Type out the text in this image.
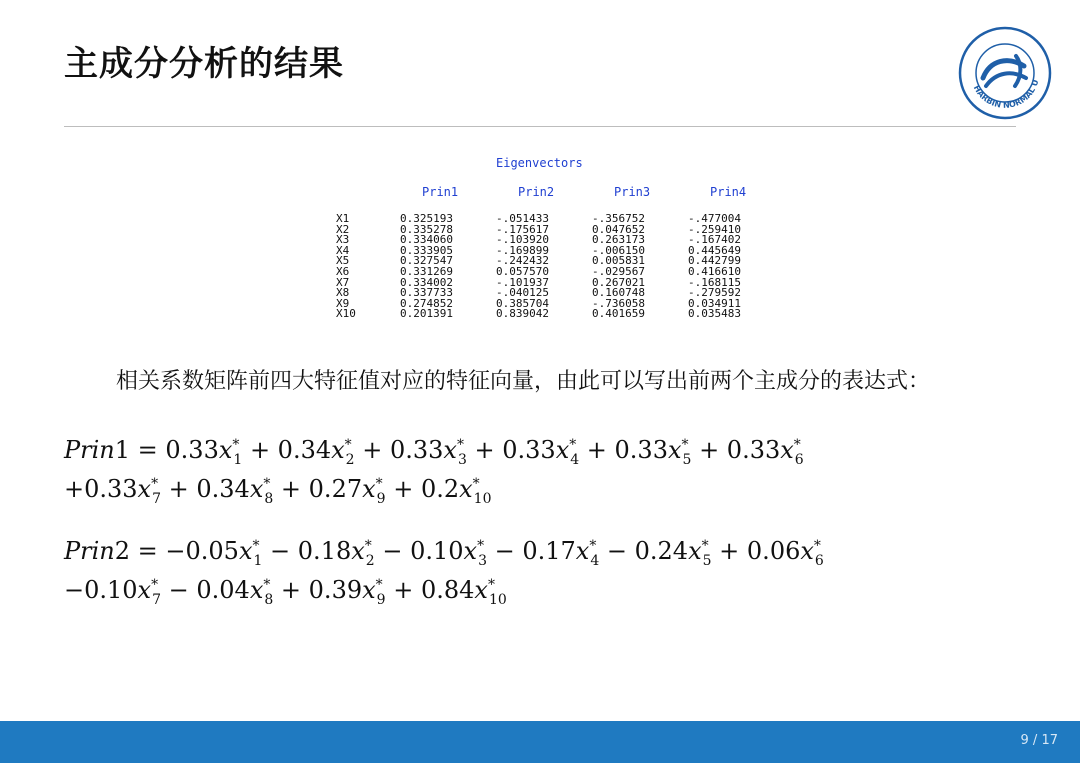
主成分分析的结果
HARBIN NORMAL U
Eigenvectors
Prin1	Prin2	Prin3	Prin4
X1	0.325193	-.051433	-.356752	-.477004
X2	0.335278	-.175617	0.047652	-.259410
X3	0.334060	-.103920	0.263173	-.167402
X4	0.333905	-.169899	-.006150	0.445649
X5	0.327547	-.242432	0.005831	0.442799
X6	0.331269	0.057570	-.029567	0.416610
X7	0.334002	-.101937	0.267021	-.168115
X8	0.337733	-.040125	0.160748	-.279592
X9	0.274852	0.385704	-.736058	0.034911
X10	0.201391	0.839042	0.401659	0.035483
相关系数矩阵前四大特征值对应的特征向量，由此可以写出前两个主成分的表达式：
Prin1 = $0.33x^*_1 + 0.34x^*_2 + 0.33x^*_3 + 0.33x^*_4 + 0.33x^*_5 + 0.33x^*_6$
$+0.33x^*_7 + 0.34x^*_8 + 0.27x^*_9 + 0.2x^*_{10}$
Prin2 = $-0.05x^*_1 - 0.18x^*_2 - 0.10x^*_3 - 0.17x^*_4 - 0.24x^*_5 + 0.06x^*_6$
$-0.10x^*_7 - 0.04x^*_8 + 0.39x^*_9 + 0.84x^*_{10}$
9 / 17
